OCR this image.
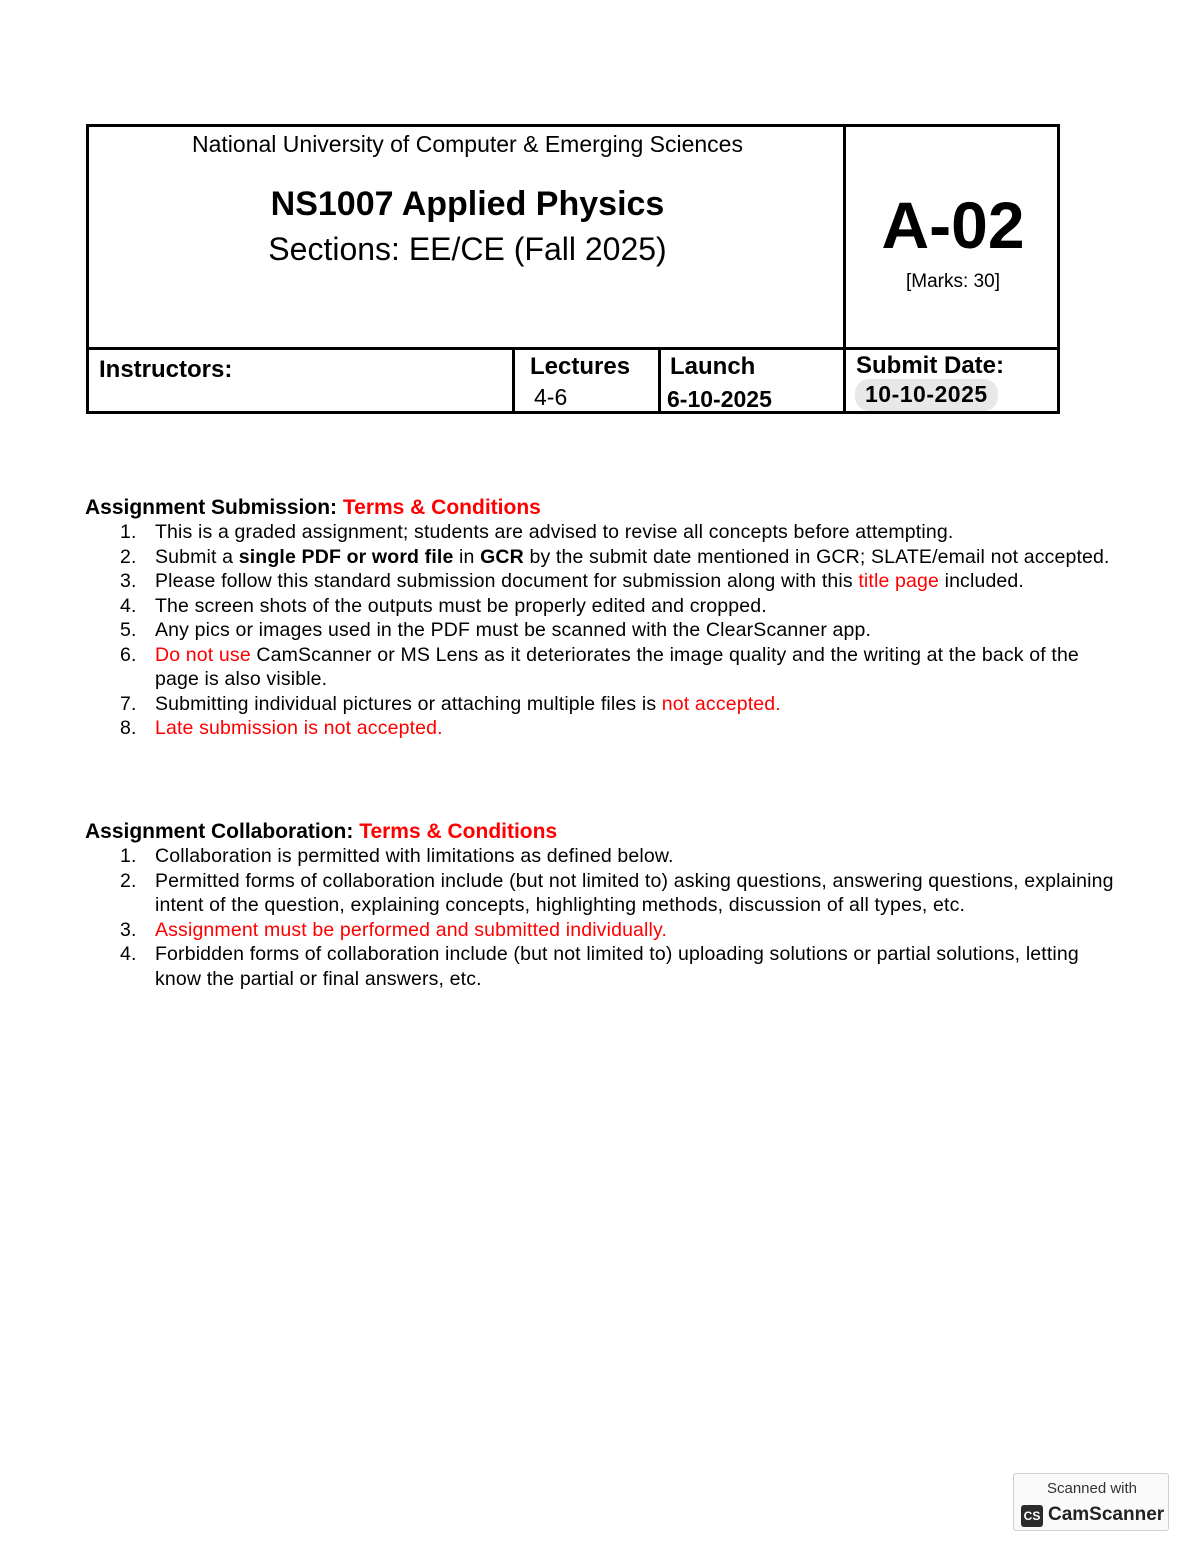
National University of Computer & Emerging Sciences
NS1007 Applied Physics
Sections: EE/CE (Fall 2025)	A-02
[Marks: 30]
Instructors:	Lectures
4-6
Launch
6-10-2025
Submit Date:
10-10-2025
Assignment Submission: Terms & Conditions
1. This is a graded assignment; students are advised to revise all concepts before attempting.
2. Submit a single PDF or word file in GCR by the submit date mentioned in GCR; SLATE/email not accepted.
3. Please follow this standard submission document for submission along with this title page included.
4. The screen shots of the outputs must be properly edited and cropped.
5. Any pics or images used in the PDF must be scanned with the ClearScanner app.
6. Do not use CamScanner or MS Lens as it deteriorates the image quality and the writing at the back of the page is also visible.
7. Submitting individual pictures or attaching multiple files is not accepted.
8. Late submission is not accepted.
Assignment Collaboration: Terms & Conditions
1. Collaboration is permitted with limitations as defined below.
2. Permitted forms of collaboration include (but not limited to) asking questions, answering questions, explaining intent of the question, explaining concepts, highlighting methods, discussion of all types, etc.
3. Assignment must be performed and submitted individually.
4. Forbidden forms of collaboration include (but not limited to) uploading solutions or partial solutions, letting know the partial or final answers, etc.
Scanned with
CS CamScanner
